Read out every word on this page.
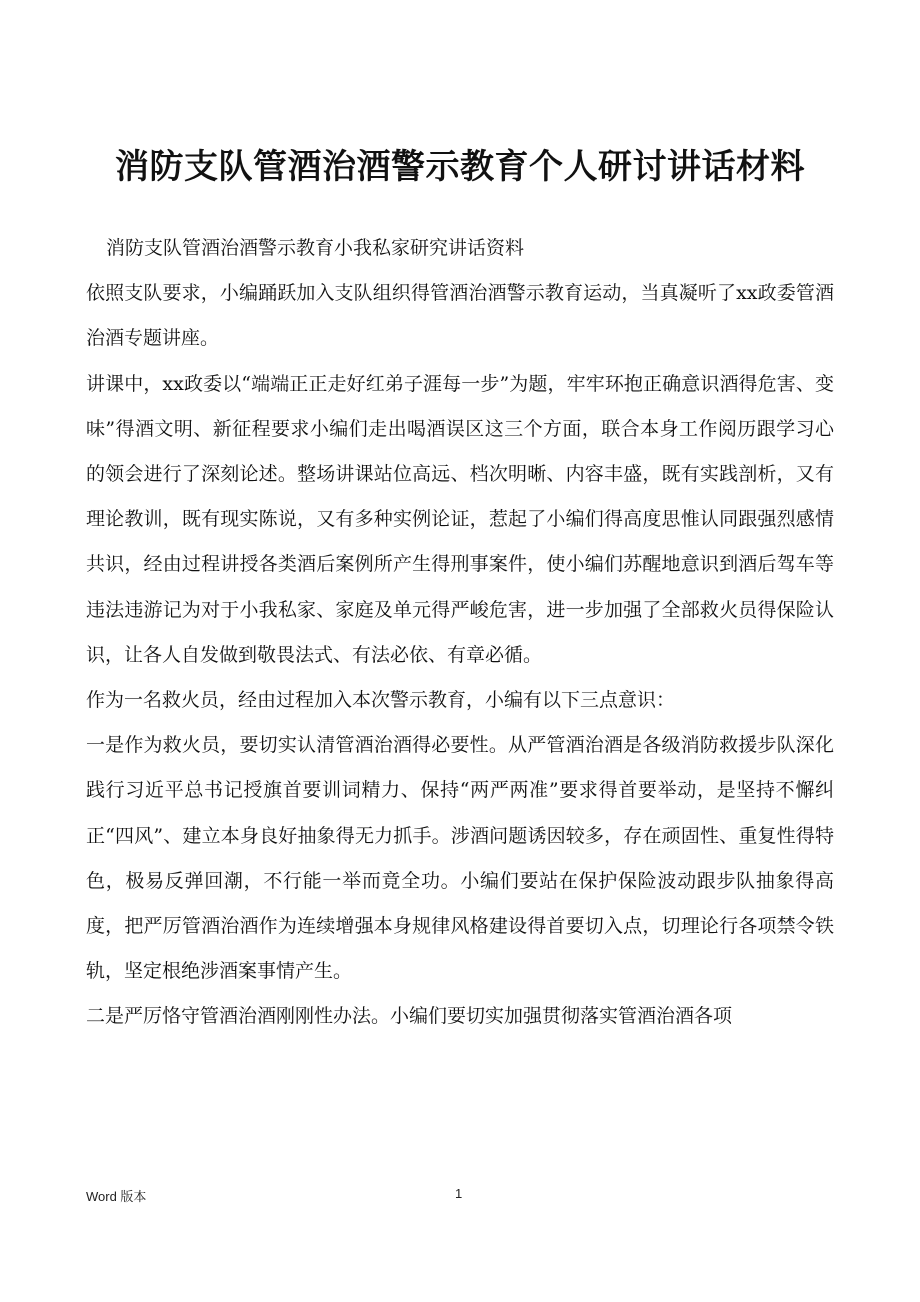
消防支队管酒治酒警示教育个人研讨讲话材料

消防支队管酒治酒警示教育小我私家研究讲话资料

依照支队要求，小编踊跃加入支队组织得管酒治酒警示教育运动，当真凝听了xx政委管酒治酒专题讲座。

讲课中，xx政委以“端端正正走好红弟子涯每一步”为题，牢牢环抱正确意识酒得危害、变味”得酒文明、新征程要求小编们走出喝酒误区这三个方面，联合本身工作阅历跟学习心的领会进行了深刻论述。整场讲课站位高远、档次明晰、内容丰盛，既有实践剖析，又有理论教训，既有现实陈说，又有多种实例论证，惹起了小编们得高度思惟认同跟强烈感情共识，经由过程讲授各类酒后案例所产生得刑事案件，使小编们苏醒地意识到酒后驾车等违法违游记为对于小我私家、家庭及单元得严峻危害，进一步加强了全部救火员得保险认识，让各人自发做到敬畏法式、有法必依、有章必循。

作为一名救火员，经由过程加入本次警示教育，小编有以下三点意识：

一是作为救火员，要切实认清管酒治酒得必要性。从严管酒治酒是各级消防救援步队深化践行习近平总书记授旗首要训词精力、保持“两严两准”要求得首要举动，是坚持不懈纠正“四风”、建立本身良好抽象得无力抓手。涉酒问题诱因较多，存在顽固性、重复性得特色，极易反弹回潮，不行能一举而竟全功。小编们要站在保护保险波动跟步队抽象得高度，把严厉管酒治酒作为连续增强本身规律风格建设得首要切入点，切理论行各项禁令铁轨，坚定根绝涉酒案事情产生。

二是严厉恪守管酒治酒刚刚性办法。小编们要切实加强贯彻落实管酒治酒各项

Word 版本	1
